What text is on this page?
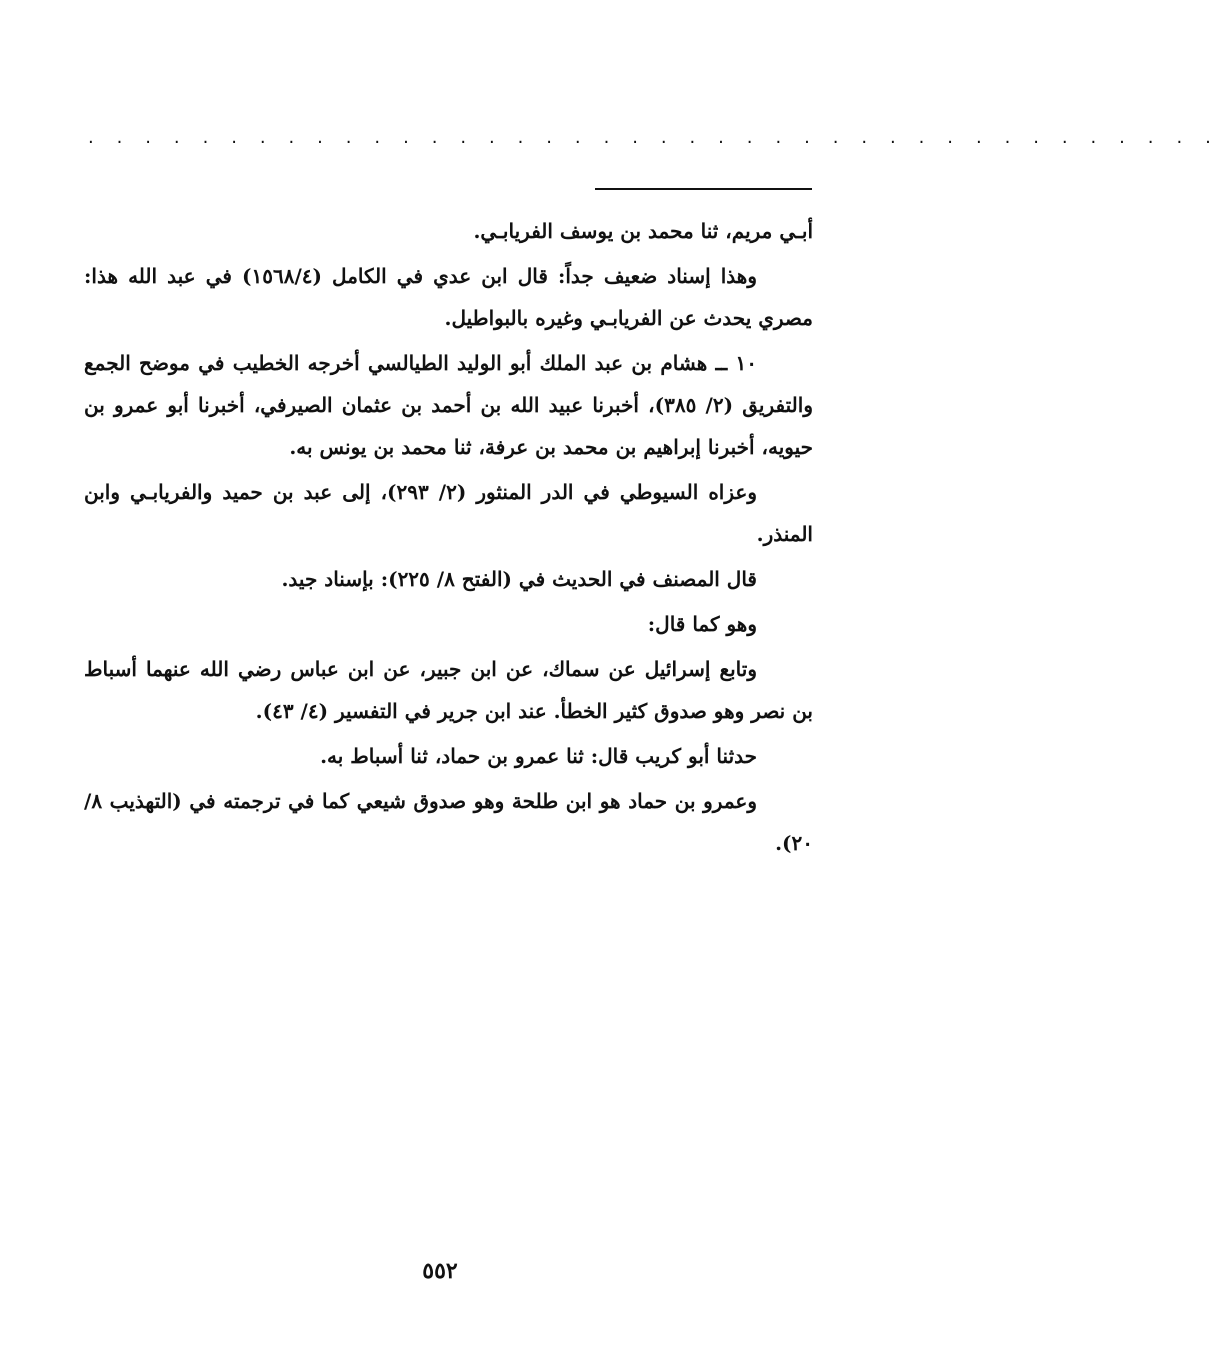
. . . . . . . . . . . . . . . . . . . . . . . . . . . . . . . . . . . . . . . .

أبـي مريم، ثنا محمد بن يوسف الفريابـي.

وهذا إسناد ضعيف جداً: قال ابن عدي في الكامل (١٥٦٨/٤) في عبد الله هذا: مصري يحدث عن الفريابـي وغيره بالبواطيل.

١٠ ــ هشام بن عبد الملك أبو الوليد الطيالسي أخرجه الخطيب في موضح الجمع والتفريق (٢/ ٣٨٥)، أخبرنا عبيد الله بن أحمد بن عثمان الصيرفي، أخبرنا أبو عمرو بن حيويه، أخبرنا إبراهيم بن محمد بن عرفة، ثنا محمد بن يونس به.

وعزاه السيوطي في الدر المنثور (٢/ ٢٩٣)، إلى عبد بن حميد والفريابـي وابن المنذر.

قال المصنف في الحديث في (الفتح ٨/ ٢٢٥): بإسناد جيد.

وهو كما قال:

وتابع إسرائيل عن سماك، عن ابن جبير، عن ابن عباس رضي الله عنهما أسباط بن نصر وهو صدوق كثير الخطأ. عند ابن جرير في التفسير (٤/ ٤٣).

حدثنا أبو كريب قال: ثنا عمرو بن حماد، ثنا أسباط به.

وعمرو بن حماد هو ابن طلحة وهو صدوق شيعي كما في ترجمته في (التهذيب ٨/ ٢٠).

٥٥٢
